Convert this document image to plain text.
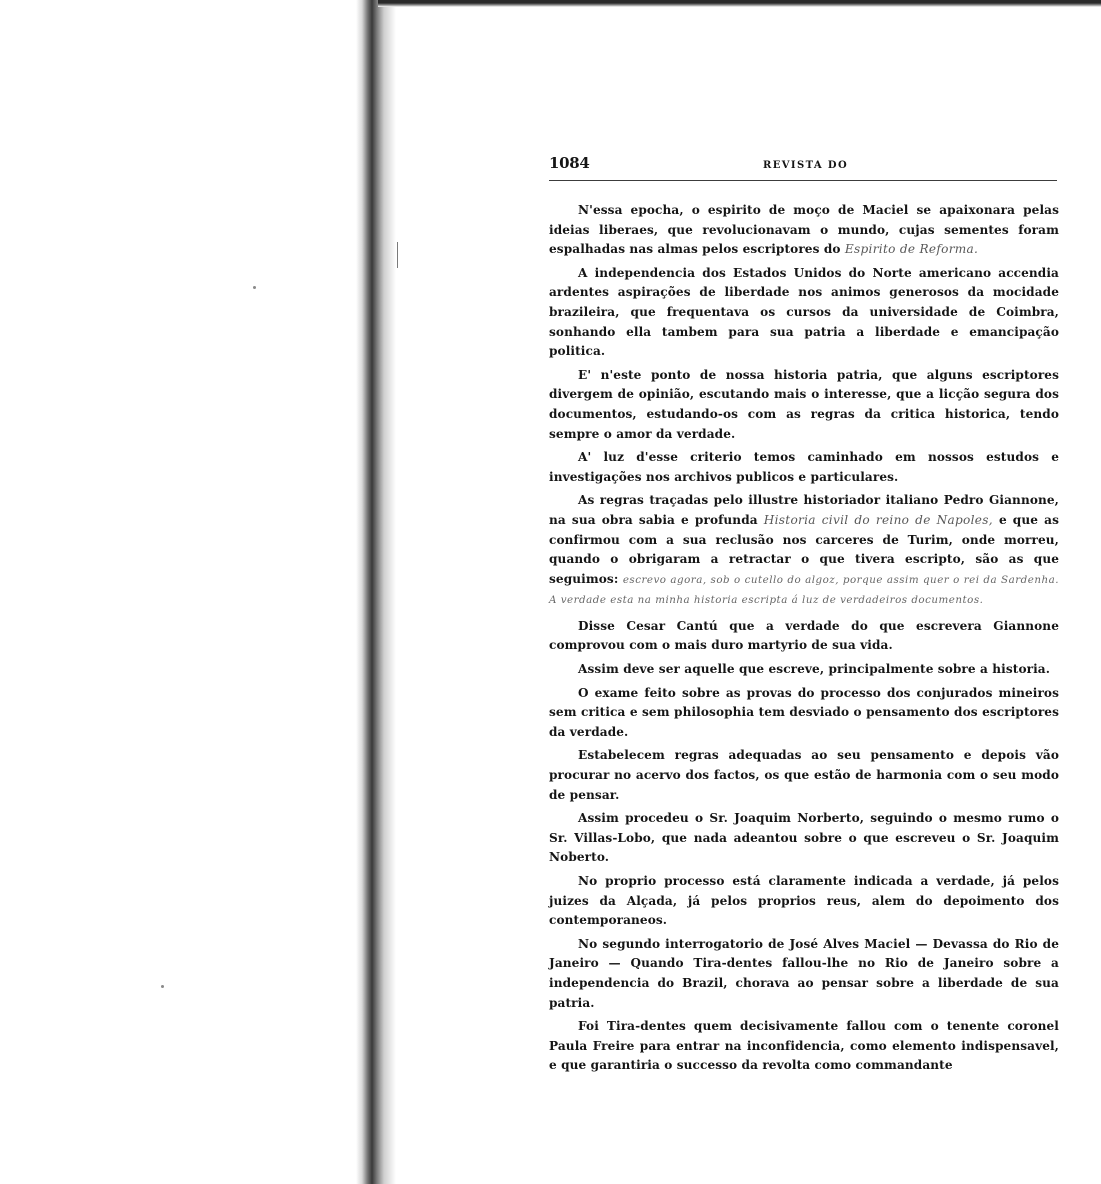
1084	REVISTA DO

N'essa epocha, o espirito de moço de Maciel se apaixonara pelas ideias liberaes, que revolucionavam o mundo, cujas sementes foram espalhadas nas almas pelos escriptores do Espirito de Reforma.

A independencia dos Estados Unidos do Norte americano accendia ardentes aspirações de liberdade nos animos generosos da mocidade brazileira, que frequentava os cursos da universidade de Coimbra, sonhando ella tambem para sua patria a liberdade e emancipação politica.

E' n'este ponto de nossa historia patria, que alguns escriptores divergem de opinião, escutando mais o interesse, que a licção segura dos documentos, estudando-os com as regras da critica historica, tendo sempre o amor da verdade.

A' luz d'esse criterio temos caminhado em nossos estudos e investigações nos archivos publicos e particulares.

As regras traçadas pelo illustre historiador italiano Pedro Giannone, na sua obra sabia e profunda Historia civil do reino de Napoles, e que as confirmou com a sua reclusão nos carceres de Turim, onde morreu, quando o obrigaram a retractar o que tivera escripto, são as que seguimos: escrevo agora, sob o cutello do algoz, porque assim quer o rei da Sardenha. A verdade esta na minha historia escripta á luz de verdadeiros documentos.

Disse Cesar Cantú que a verdade do que escrevera Giannone comprovou com o mais duro martyrio de sua vida.

Assim deve ser aquelle que escreve, principalmente sobre a historia.

O exame feito sobre as provas do processo dos conjurados mineiros sem critica e sem philosophia tem desviado o pensamento dos escriptores da verdade.

Estabelecem regras adequadas ao seu pensamento e depois vão procurar no acervo dos factos, os que estão de harmonia com o seu modo de pensar.

Assim procedeu o Sr. Joaquim Norberto, seguindo o mesmo rumo o Sr. Villas-Lobo, que nada adeantou sobre o que escreveu o Sr. Joaquim Noberto.

No proprio processo está claramente indicada a verdade, já pelos juizes da Alçada, já pelos proprios reus, alem do depoimento dos contemporaneos.

No segundo interrogatorio de José Alves Maciel — Devassa do Rio de Janeiro — Quando Tira-dentes fallou-lhe no Rio de Janeiro sobre a independencia do Brazil, chorava ao pensar sobre a liberdade de sua patria.

Foi Tira-dentes quem decisivamente fallou com o tenente coronel Paula Freire para entrar na inconfidencia, como elemento indispensavel, e que garantiria o successo da revolta como commandante
